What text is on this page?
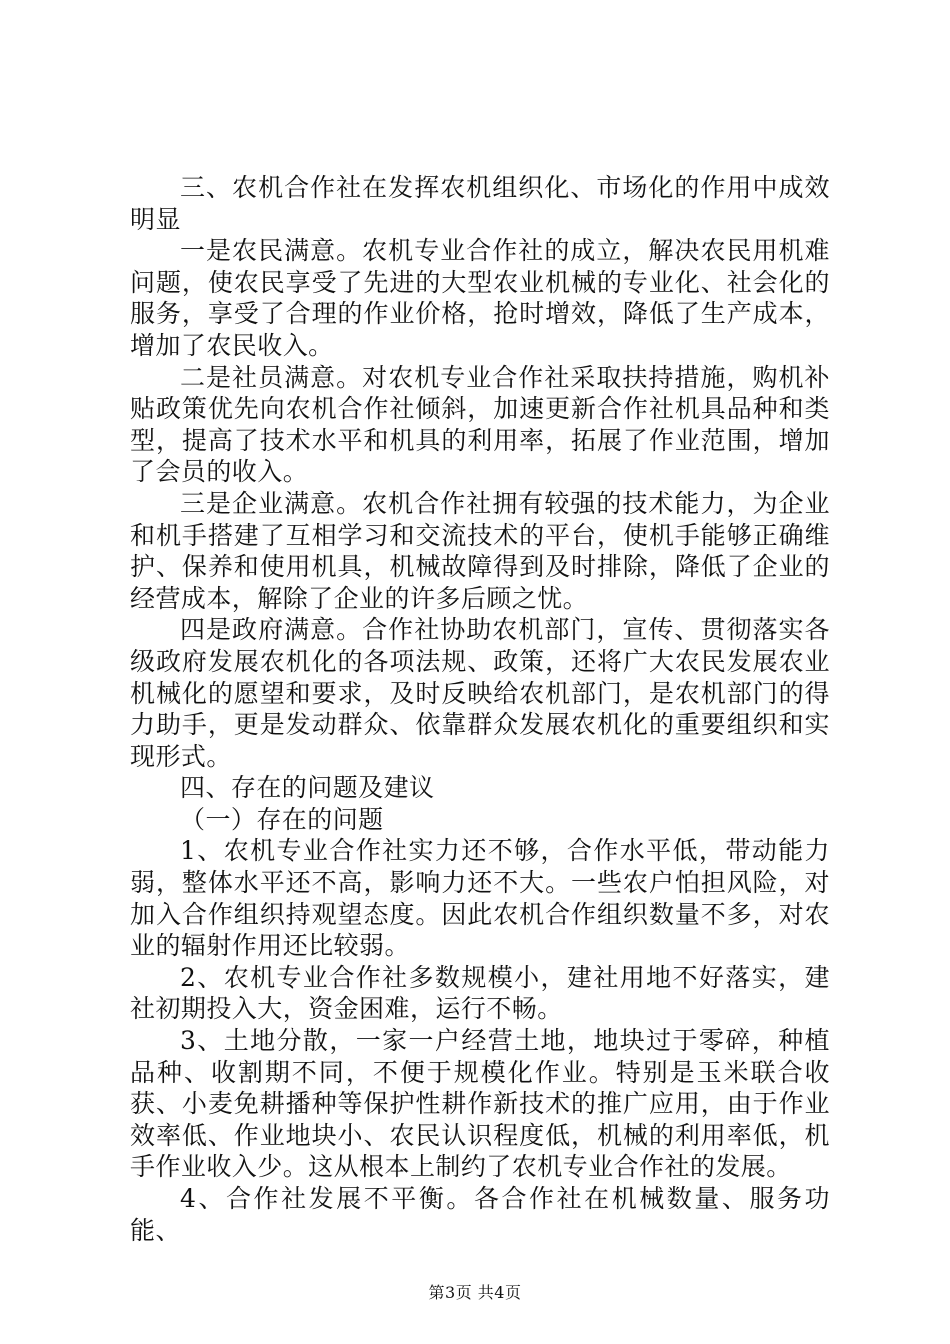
三、农机合作社在发挥农机组织化、市场化的作用中成效明显

一是农民满意。农机专业合作社的成立，解决农民用机难问题，使农民享受了先进的大型农业机械的专业化、社会化的服务，享受了合理的作业价格，抢时增效，降低了生产成本，增加了农民收入。

二是社员满意。对农机专业合作社采取扶持措施，购机补贴政策优先向农机合作社倾斜，加速更新合作社机具品种和类型，提高了技术水平和机具的利用率，拓展了作业范围，增加了会员的收入。

三是企业满意。农机合作社拥有较强的技术能力，为企业和机手搭建了互相学习和交流技术的平台，使机手能够正确维护、保养和使用机具，机械故障得到及时排除，降低了企业的经营成本，解除了企业的许多后顾之忧。

四是政府满意。合作社协助农机部门，宣传、贯彻落实各级政府发展农机化的各项法规、政策，还将广大农民发展农业机械化的愿望和要求，及时反映给农机部门，是农机部门的得力助手，更是发动群众、依靠群众发展农机化的重要组织和实现形式。

四、存在的问题及建议

（一）存在的问题

1、农机专业合作社实力还不够，合作水平低，带动能力弱，整体水平还不高，影响力还不大。一些农户怕担风险，对加入合作组织持观望态度。因此农机合作组织数量不多，对农业的辐射作用还比较弱。

2、农机专业合作社多数规模小，建社用地不好落实，建社初期投入大，资金困难，运行不畅。

3、土地分散，一家一户经营土地，地块过于零碎，种植品种、收割期不同，不便于规模化作业。特别是玉米联合收获、小麦免耕播种等保护性耕作新技术的推广应用，由于作业效率低、作业地块小、农民认识程度低，机械的利用率低，机手作业收入少。这从根本上制约了农机专业合作社的发展。

4、合作社发展不平衡。各合作社在机械数量、服务功能、

第3页 共4页
